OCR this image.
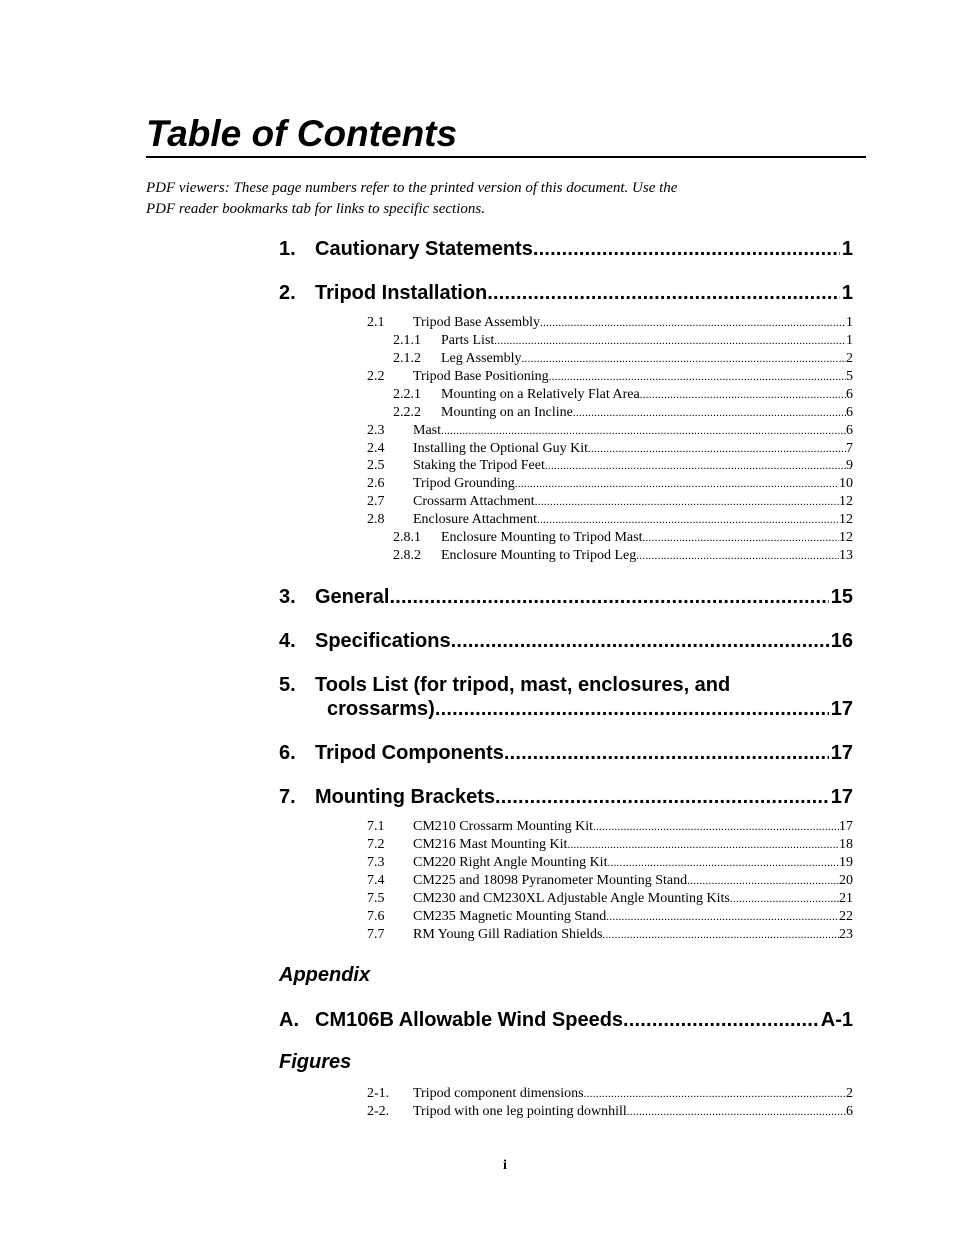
Table of Contents
PDF viewers: These page numbers refer to the printed version of this document. Use the
PDF reader bookmarks tab for links to specific sections.
1. Cautionary Statements .....	1
2. Tripod Installation .....	1
2.1	Tripod Base Assembly .....	1
2.1.1	Parts List .....	1
2.1.2	Leg Assembly .....	2
2.2	Tripod Base Positioning .....	5
2.2.1	Mounting on a Relatively Flat Area .....	6
2.2.2	Mounting on an Incline .....	6
2.3	Mast .....	6
2.4	Installing the Optional Guy Kit .....	7
2.5	Staking the Tripod Feet .....	9
2.6	Tripod Grounding .....	10
2.7	Crossarm Attachment .....	12
2.8	Enclosure Attachment .....	12
2.8.1	Enclosure Mounting to Tripod Mast .....	12
2.8.2	Enclosure Mounting to Tripod Leg .....	13
3. General .....	15
4. Specifications .....	16
5. Tools List (for tripod, mast, enclosures, and
crossarms) .....	17
6. Tripod Components .....	17
7. Mounting Brackets .....	17
7.1	CM210 Crossarm Mounting Kit .....	17
7.2	CM216 Mast Mounting Kit .....	18
7.3	CM220 Right Angle Mounting Kit .....	19
7.4	CM225 and 18098 Pyranometer Mounting Stand .....	20
7.5	CM230 and CM230XL Adjustable Angle Mounting Kits .....	21
7.6	CM235 Magnetic Mounting Stand .....	22
7.7	RM Young Gill Radiation Shields .....	23
Appendix
A. CM106B Allowable Wind Speeds .....	A-1
Figures
2-1.	Tripod component dimensions .....	2
2-2.	Tripod with one leg pointing downhill .....	6
i
